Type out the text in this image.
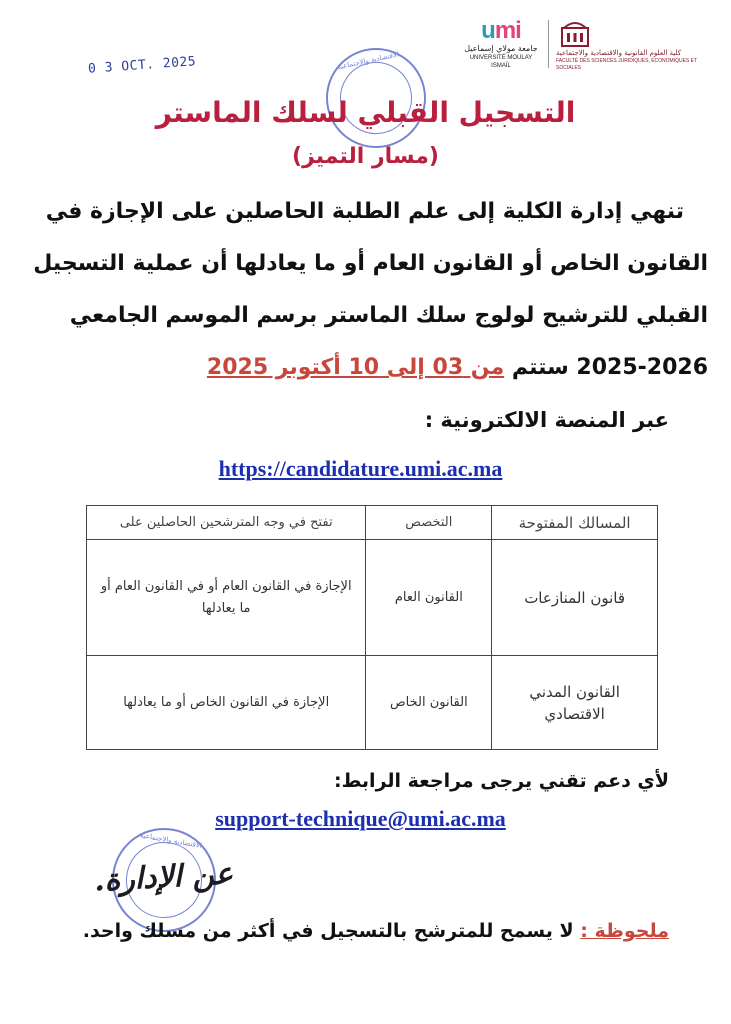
0 3 OCT. 2025
umi
جامعة مولاي إسماعيل
UNIVERSITÉ MOULAY ISMAÏL
كلية العلوم القانونية والاقتصادية والاجتماعية
FACULTÉ DES SCIENCES JURIDIQUES, ÉCONOMIQUES ET SOCIALES
الاقتصادية والاجتماعية
التسجيل القبلي لسلك الماستر
(مسار التميز)
تنهي إدارة الكلية إلى علم الطلبة الحاصلين على الإجازة في
القانون الخاص أو القانون العام أو ما يعادلها أن عملية التسجيل
القبلي للترشيح لولوج سلك الماستر برسم الموسم الجامعي
2025-2026 ستتم من 03 إلى 10 أكتوبر 2025
عبر المنصة الالكترونية :
https://candidature.umi.ac.ma
المسالك المفتوحة	التخصص	تفتح في وجه المترشحين الحاصلين على
قانون المنازعات	القانون العام	الإجازة في القانون العام أو في القانون العام أو ما يعادلها
القانون المدني الاقتصادي	القانون الخاص	الإجازة في القانون الخاص أو ما يعادلها
لأي دعم تقني يرجى مراجعة الرابط:
support-technique@umi.ac.ma
الاقتصادية والاجتماعية
عن الإدارة.
ملحوظة : لا يسمح للمترشح بالتسجيل في أكثر من مسلك واحد.
